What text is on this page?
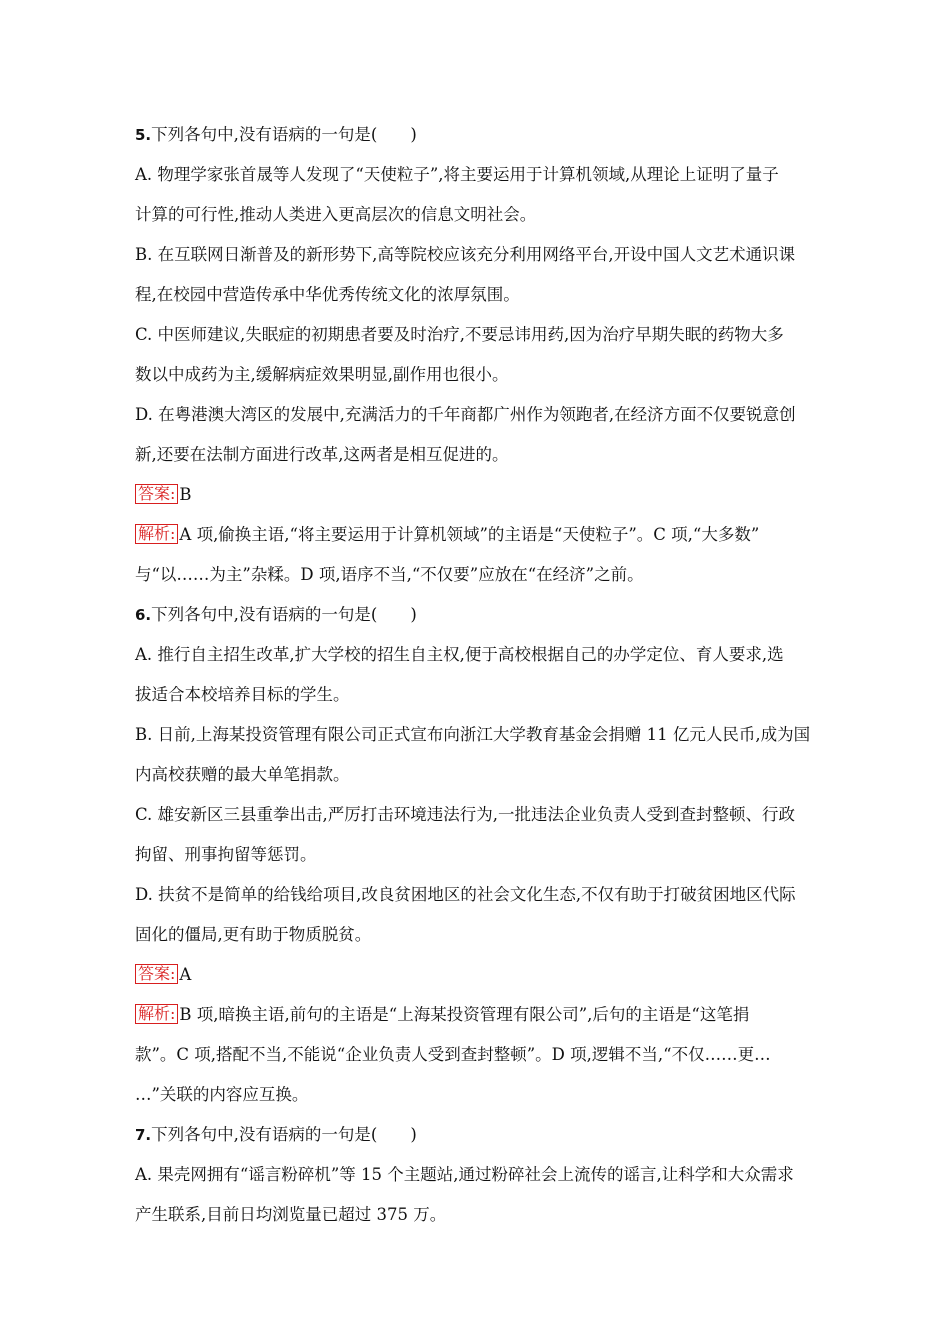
5.下列各句中,没有语病的一句是(　　)
A. 物理学家张首晟等人发现了“天使粒子”,将主要运用于计算机领域,从理论上证明了量子
计算的可行性,推动人类进入更高层次的信息文明社会。
B. 在互联网日渐普及的新形势下,高等院校应该充分利用网络平台,开设中国人文艺术通识课
程,在校园中营造传承中华优秀传统文化的浓厚氛围。
C. 中医师建议,失眠症的初期患者要及时治疗,不要忌讳用药,因为治疗早期失眠的药物大多
数以中成药为主,缓解病症效果明显,副作用也很小。
D. 在粤港澳大湾区的发展中,充满活力的千年商都广州作为领跑者,在经济方面不仅要锐意创
新,还要在法制方面进行改革,这两者是相互促进的。
答案: B
解析: A 项,偷换主语,“将主要运用于计算机领域”的主语是“天使粒子”。C 项,“大多数”
与“以……为主”杂糅。D 项,语序不当,“不仅要”应放在“在经济”之前。
6.下列各句中,没有语病的一句是(　　)
A. 推行自主招生改革,扩大学校的招生自主权,便于高校根据自己的办学定位、育人要求,选
拔适合本校培养目标的学生。
B. 日前,上海某投资管理有限公司正式宣布向浙江大学教育基金会捐赠 11 亿元人民币,成为国
内高校获赠的最大单笔捐款。
C. 雄安新区三县重拳出击,严厉打击环境违法行为,一批违法企业负责人受到查封整顿、行政
拘留、刑事拘留等惩罚。
D. 扶贫不是简单的给钱给项目,改良贫困地区的社会文化生态,不仅有助于打破贫困地区代际
固化的僵局,更有助于物质脱贫。
答案: A
解析: B 项,暗换主语,前句的主语是“上海某投资管理有限公司”,后句的主语是“这笔捐
款”。C 项,搭配不当,不能说“企业负责人受到查封整顿”。D 项,逻辑不当,“不仅……更…
…”关联的内容应互换。
7.下列各句中,没有语病的一句是(　　)
A. 果壳网拥有“谣言粉碎机”等 15 个主题站,通过粉碎社会上流传的谣言,让科学和大众需求
产生联系,目前日均浏览量已超过 375 万。
